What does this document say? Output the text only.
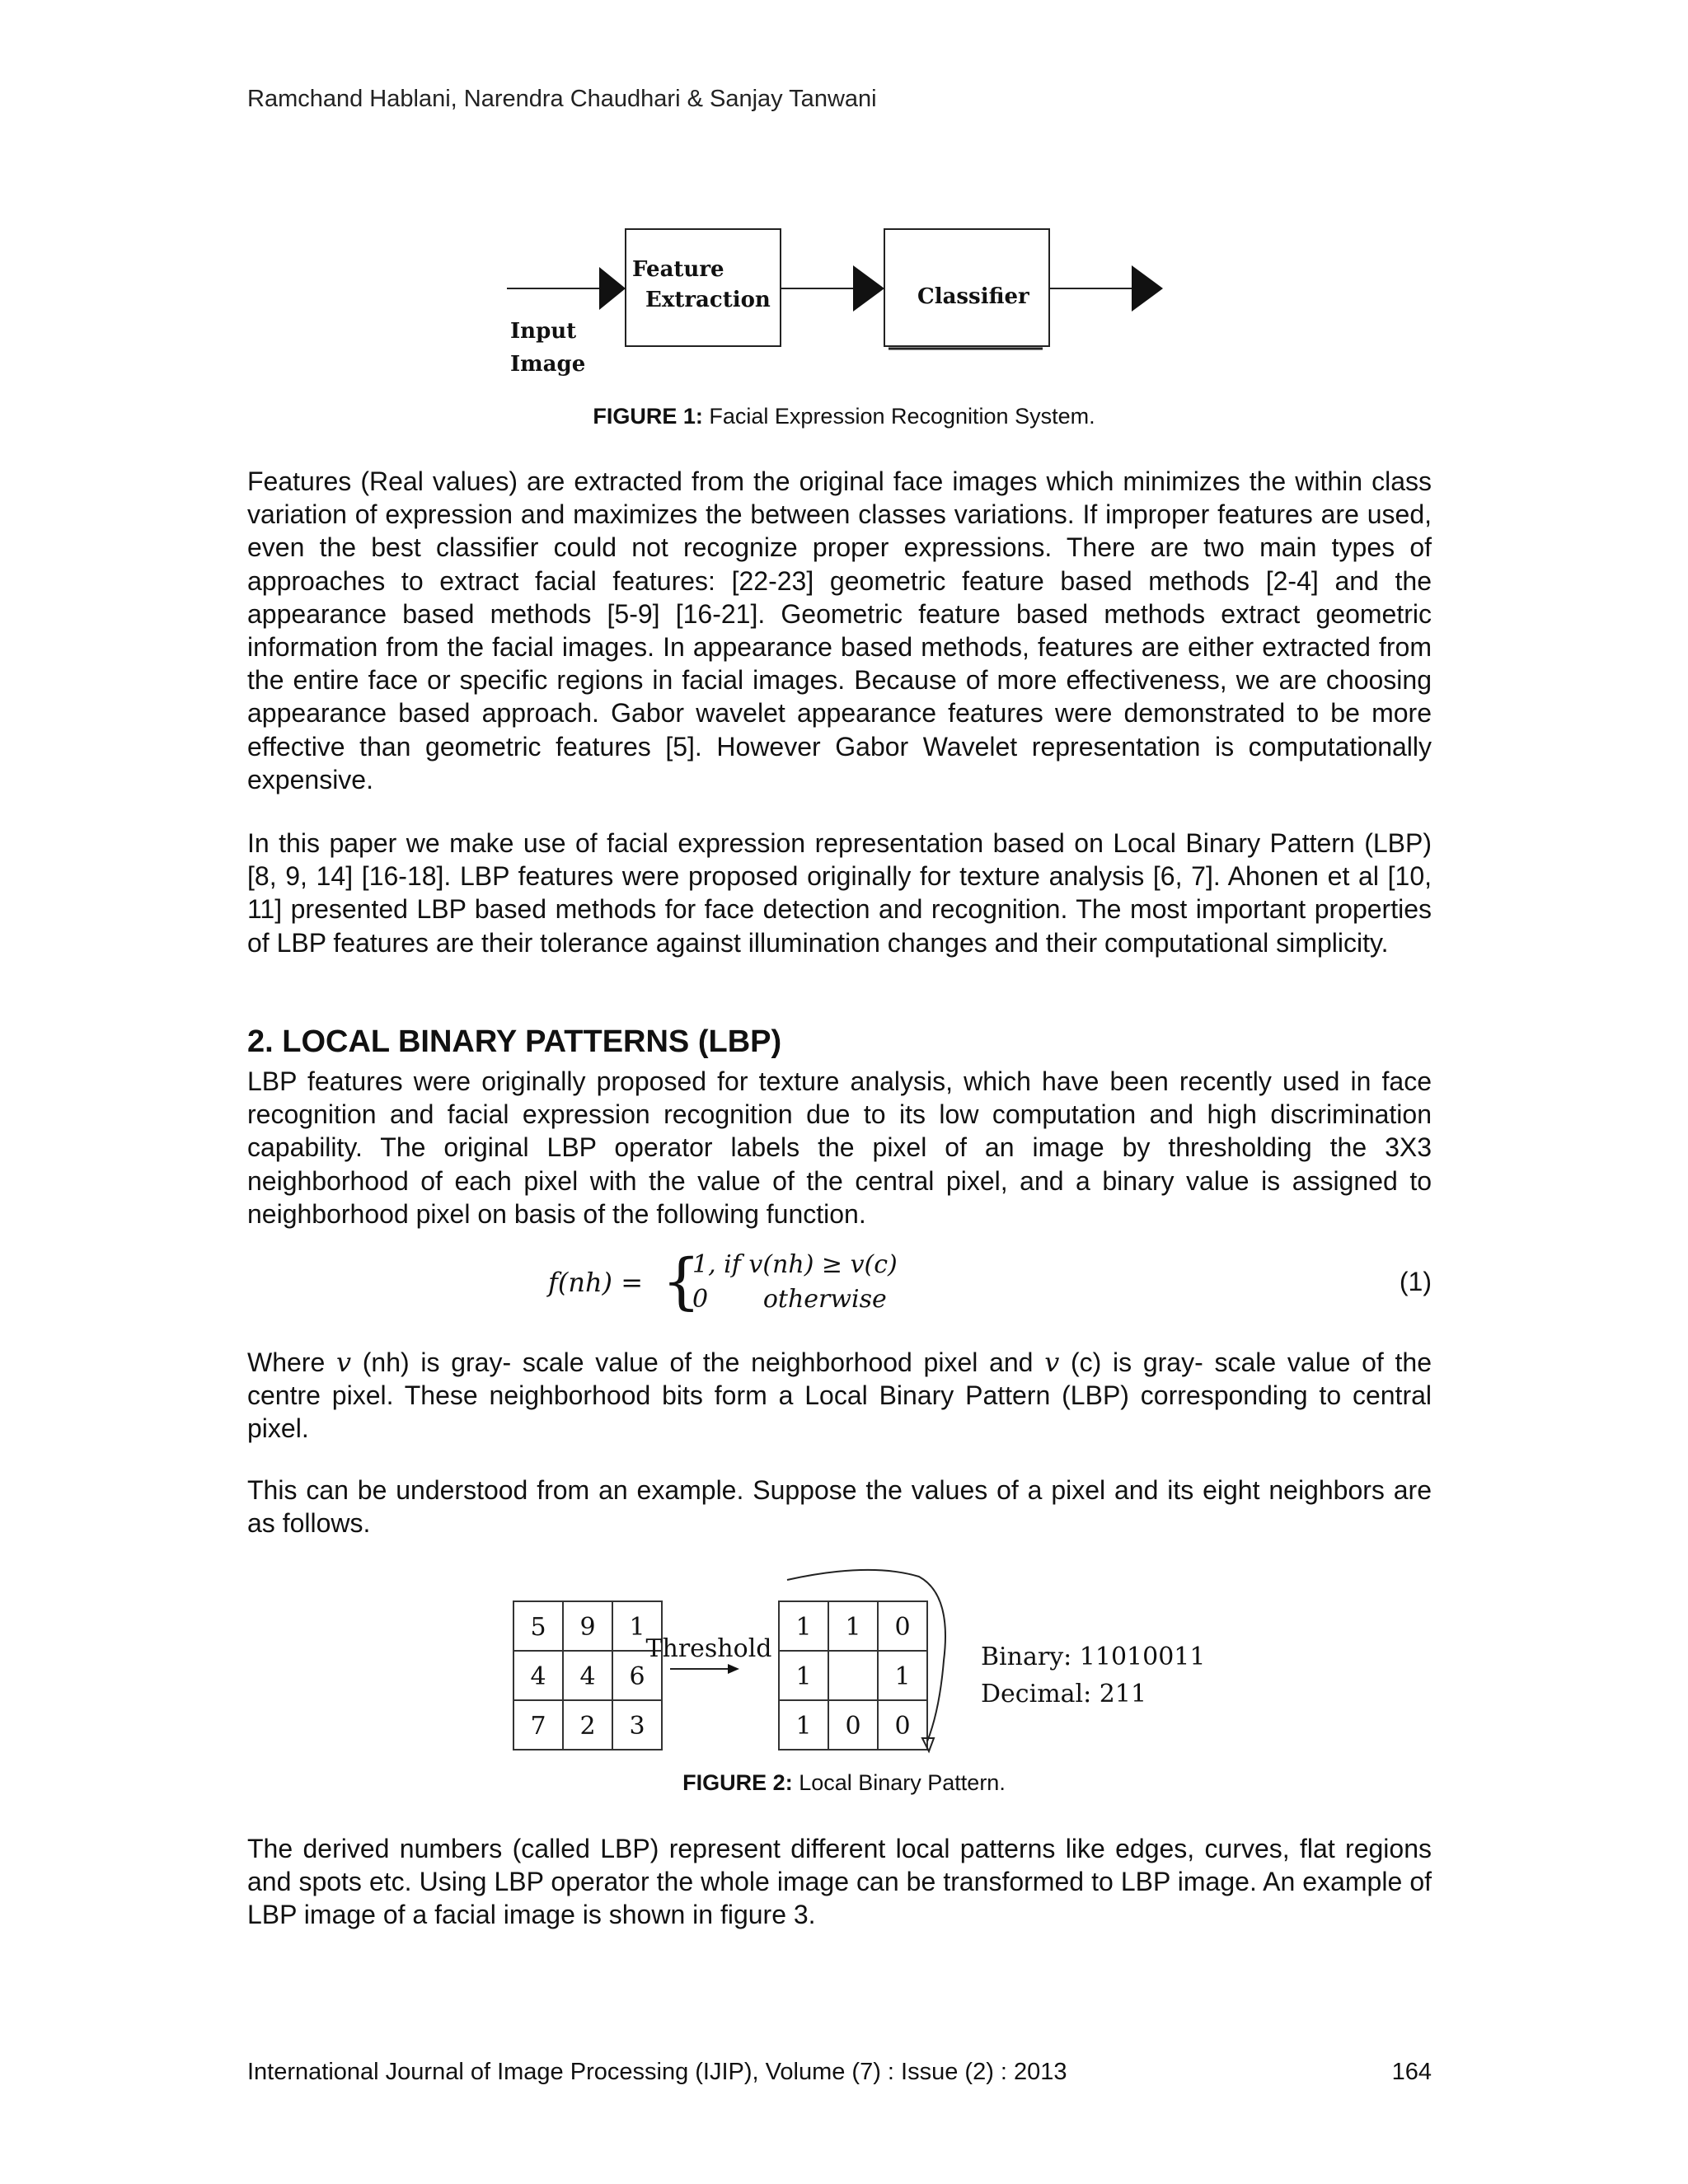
Ramchand Hablani, Narendra Chaudhari & Sanjay Tanwani
Feature
Extraction	Classifier
Input
Image
FIGURE 1: Facial Expression Recognition System.

Features (Real values) are extracted from the original face images which minimizes the within class variation of expression and maximizes the between classes variations. If improper features are used, even the best classifier could not recognize proper expressions. There are two main types of approaches to extract facial features: [22-23] geometric feature based methods [2-4] and the appearance based methods [5-9] [16-21]. Geometric feature based methods extract geometric information from the facial images. In appearance based methods, features are either extracted from the entire face or specific regions in facial images. Because of more effectiveness, we are choosing appearance based approach. Gabor wavelet appearance features were demonstrated to be more effective than geometric features [5]. However Gabor Wavelet representation is computationally expensive.

In this paper we make use of facial expression representation based on Local Binary Pattern (LBP) [8, 9, 14] [16-18]. LBP features were proposed originally for texture analysis [6, 7]. Ahonen et al [10, 11] presented LBP based methods for face detection and recognition. The most important properties of LBP features are their tolerance against illumination changes and their computational simplicity.

2. LOCAL BINARY PATTERNS (LBP)

LBP features were originally proposed for texture analysis, which have been recently used in face recognition and facial expression recognition due to its low computation and high discrimination capability. The original LBP operator labels the pixel of an image by thresholding the 3X3 neighborhood of each pixel with the value of the central pixel, and a binary value is assigned to neighborhood pixel on basis of the following function.

f(nh) = {
1, if v(nh) ≥ v(c)
0       otherwise
(1)

Where v (nh) is gray- scale value of the neighborhood pixel and v (c) is gray- scale value of the centre pixel. These neighborhood bits form a Local Binary Pattern (LBP) corresponding to central pixel.

This can be understood from an example. Suppose the values of a pixel and its eight neighbors are as follows.

5 9 1
4 4 6
7 2 3
Threshold
1 1 0
1	1
1 0 0
Binary: 11010011
Decimal: 211
FIGURE 2: Local Binary Pattern.

The derived numbers (called LBP) represent different local patterns like edges, curves, flat regions and spots etc. Using LBP operator the whole image can be transformed to LBP image. An example of LBP image of a facial image is shown in figure 3.

International Journal of Image Processing (IJIP), Volume (7) : Issue (2) : 2013	164
